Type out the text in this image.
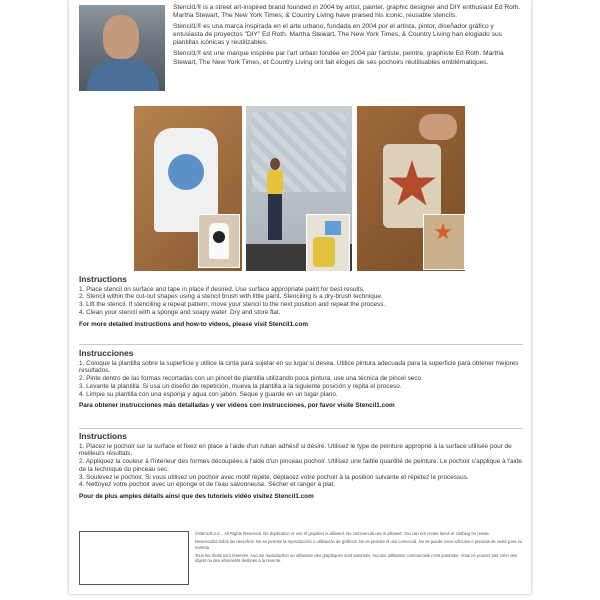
Stencil1® is a street art-inspired brand founded in 2004 by artist, painter, graphic designer and DIY enthusiast Ed Roth. Martha Stewart, The New York Times, & Country Living have praised his iconic, reusable stencils.

Stencil1® es una marca inspirada en el arte urbano, fundada en 2004 por el artista, pintor, diseñador gráfico y entusiasta de proyectos "DIY" Ed Roth. Martha Stewart, The New York Times, & Country Living han elogiado sus plantillas icónicas y reutilizables.

Stencil1® est une marque inspirée par l'art urbain fondée en 2004 par l'artiste, peintre, graphiste Ed Roth. Martha Stewart, The New York Times, et Country Living ont fait éloges de ses pochoirs réutilisables emblématiques.

Instructions
1. Place stencil on surface and tape in place if desired. Use surface appropriate paint for best results.
2. Stencil within the cut-out shapes using a stencil brush with little paint. Stenciling is a dry-brush technique.
3. Lift the stencil. If stenciling a repeat pattern, move your stencil to the next position and repeat the process.
4. Clean your stencil with a sponge and soapy water. Dry and store flat.
For more detailed instructions and how-to videos, please visit Stencil1.com
Instrucciones
1. Coloque la plantilla sobre la superficie y utilice la cinta para sujetar en su lugar si desea. Utilice pintura adecuada para la superficie para obtener mejores resultados.
2. Pinte dentro de las formas recortadas con un pincel de plantilla utilizando poca pintura, use una técnica de pincel seco.
3. Levante la plantilla. Si usa un diseño de repetición, mueva la plantilla a la siguiente posición y repita el proceso.
4. Limpie su plantilla con una esponja y agua con jabón. Seque y guarde en un lugar plano.
Para obtener instrucciones más detalladas y ver videos con instrucciones, por favor visite Stencil1.com
Instructions
1. Placez le pochoir sur la surface et fixez en place à l'aide d'un ruban adhésif si désiré. Utilisez le type de peinture approprié à la surface utilisée pour de meilleurs résultats.
2. Appliquez la couleur à l'intérieur des formes découpées à l'aide d'un pinceau pochoir. Utilisez une faible quantité de peinture. Le pochoir s'applique à l'aide de la technique du pinceau sec.
3. Soulevez le pochoir. Si vous utilisez un pochoir avec motif répété, déplacez votre pochoir à la position suivante et répétez le processus.
4. Nettoyez votre pochoir avec un éponge et de l'eau savonneuse. Sécher et ranger à plat.
Pour de plus amples détails ainsi que des tutoriels vidéo visitez Stencil1.com

©Stencil1,Inc. . All Rights Reserved. No duplication or use of graphics is allowed. No commercial use is allowed. You can not create items or clothing for resale.

Reservados todos los derechos. No se permite la reproducción o utilización de gráficos. No se permite el uso comercial. No se puede crear artículos o prendas de vestir para su reventa.

Tous les droits sont réservés. Aucune reproduction ou utilisation des graphiques sont autorisés. Aucune utilisation commerciale n'est autorisée. Vous ne pouvez pas créer des objets ou des vêtements destinés à la revente.
